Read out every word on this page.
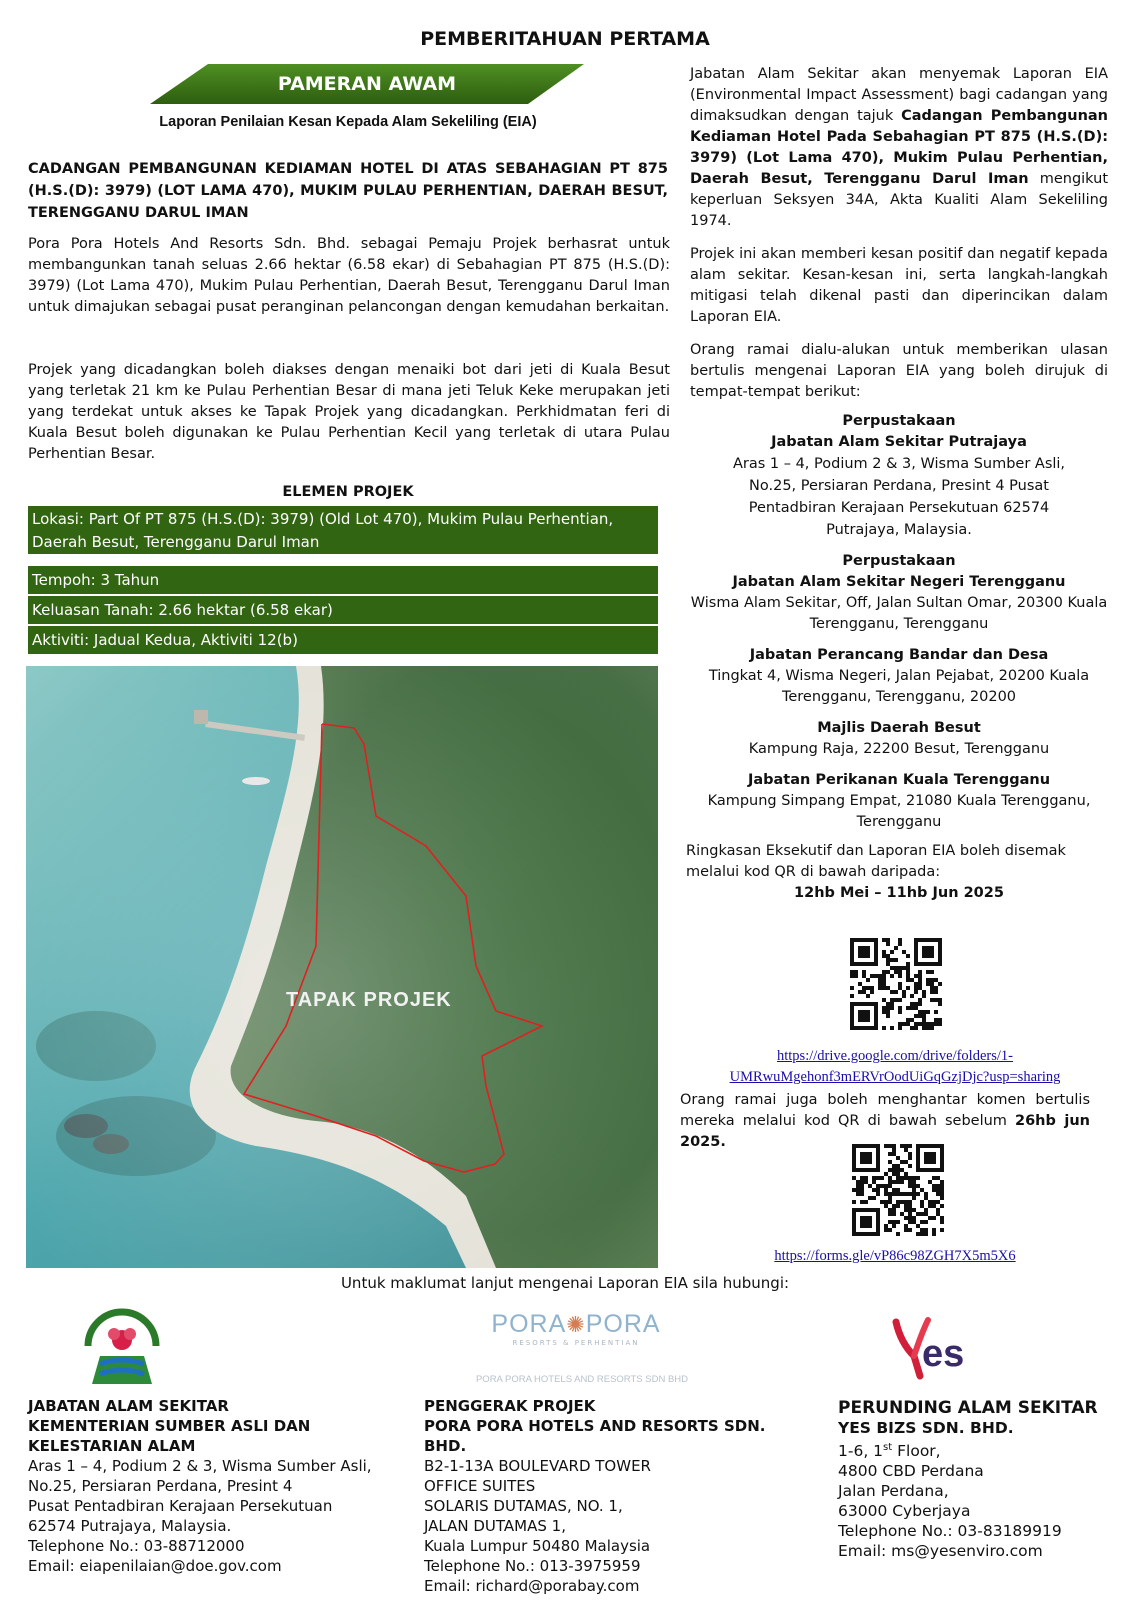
PEMBERITAHUAN PERTAMA
PAMERAN AWAM
Laporan Penilaian Kesan Kepada Alam Sekeliling (EIA)
CADANGAN PEMBANGUNAN KEDIAMAN HOTEL DI ATAS SEBAHAGIAN PT 875 (H.S.(D): 3979) (LOT LAMA 470), MUKIM PULAU PERHENTIAN, DAERAH BESUT, TERENGGANU DARUL IMAN
Pora Pora Hotels And Resorts Sdn. Bhd. sebagai Pemaju Projek berhasrat untuk membangunkan tanah seluas 2.66 hektar (6.58 ekar) di Sebahagian PT 875 (H.S.(D): 3979) (Lot Lama 470), Mukim Pulau Perhentian, Daerah Besut, Terengganu Darul Iman untuk dimajukan sebagai pusat peranginan pelancongan dengan kemudahan berkaitan.
Projek yang dicadangkan boleh diakses dengan menaiki bot dari jeti di Kuala Besut yang terletak 21 km ke Pulau Perhentian Besar di mana jeti Teluk Keke merupakan jeti yang terdekat untuk akses ke Tapak Projek yang dicadangkan. Perkhidmatan feri di Kuala Besut boleh digunakan ke Pulau Perhentian Kecil yang terletak di utara Pulau Perhentian Besar.
ELEMEN PROJEK
Lokasi: Part Of PT 875 (H.S.(D): 3979) (Old Lot 470), Mukim Pulau Perhentian, Daerah Besut, Terengganu Darul Iman
Tempoh: 3 Tahun
Keluasan Tanah: 2.66 hektar (6.58 ekar)
Aktiviti: Jadual Kedua, Aktiviti 12(b)
TAPAK PROJEK
Jabatan Alam Sekitar akan menyemak Laporan EIA (Environmental Impact Assessment) bagi cadangan yang dimaksudkan dengan tajuk Cadangan Pembangunan Kediaman Hotel Pada Sebahagian PT 875 (H.S.(D): 3979) (Lot Lama 470), Mukim Pulau Perhentian, Daerah Besut, Terengganu Darul Iman mengikut keperluan Seksyen 34A, Akta Kualiti Alam Sekeliling 1974.
Projek ini akan memberi kesan positif dan negatif kepada alam sekitar. Kesan-kesan ini, serta langkah-langkah mitigasi telah dikenal pasti dan diperincikan dalam Laporan EIA.
Orang ramai dialu-alukan untuk memberikan ulasan bertulis mengenai Laporan EIA yang boleh dirujuk di tempat-tempat berikut:
Perpustakaan
Jabatan Alam Sekitar Putrajaya
Aras 1 – 4, Podium 2 & 3, Wisma Sumber Asli, No.25, Persiaran Perdana, Presint 4 Pusat Pentadbiran Kerajaan Persekutuan 62574 Putrajaya, Malaysia.
Perpustakaan
Jabatan Alam Sekitar Negeri Terengganu
Wisma Alam Sekitar, Off, Jalan Sultan Omar, 20300 Kuala Terengganu, Terengganu
Jabatan Perancang Bandar dan Desa
Tingkat 4, Wisma Negeri, Jalan Pejabat, 20200 Kuala Terengganu, Terengganu, 20200
Majlis Daerah Besut
Kampung Raja, 22200 Besut, Terengganu
Jabatan Perikanan Kuala Terengganu
Kampung Simpang Empat, 21080 Kuala Terengganu, Terengganu
Ringkasan Eksekutif dan Laporan EIA boleh disemak melalui kod QR di bawah daripada:
12hb Mei – 11hb Jun 2025
https://drive.google.com/drive/folders/1-UMRwuMgehonf3mERVrOodUiGqGzjDjc?usp=sharing
Orang ramai juga boleh menghantar komen bertulis mereka melalui kod QR di bawah sebelum 26hb jun 2025.
https://forms.gle/vP86c98ZGH7X5m5X6
Untuk maklumat lanjut mengenai Laporan EIA sila hubungi:
PORA✺PORA
RESORTS & PERHENTIAN
PORA PORA HOTELS AND RESORTS SDN BHD
es
JABATAN ALAM SEKITAR
KEMENTERIAN SUMBER ASLI DAN
KELESTARIAN ALAM
Aras 1 – 4, Podium 2 & 3, Wisma Sumber Asli,
No.25, Persiaran Perdana, Presint 4
Pusat Pentadbiran Kerajaan Persekutuan
62574 Putrajaya, Malaysia.
Telephone No.: 03-88712000
Email: eiapenilaian@doe.gov.com
PENGGERAK PROJEK
PORA PORA HOTELS AND RESORTS SDN. BHD.
B2-1-13A BOULEVARD TOWER
OFFICE SUITES
SOLARIS DUTAMAS, NO. 1,
JALAN DUTAMAS 1,
Kuala Lumpur 50480 Malaysia
Telephone No.: 013-3975959
Email: richard@porabay.com
PERUNDING ALAM SEKITAR
YES BIZS SDN. BHD.
1-6, 1st Floor,
4800 CBD Perdana
Jalan Perdana,
63000 Cyberjaya
Telephone No.: 03-83189919
Email: ms@yesenviro.com
